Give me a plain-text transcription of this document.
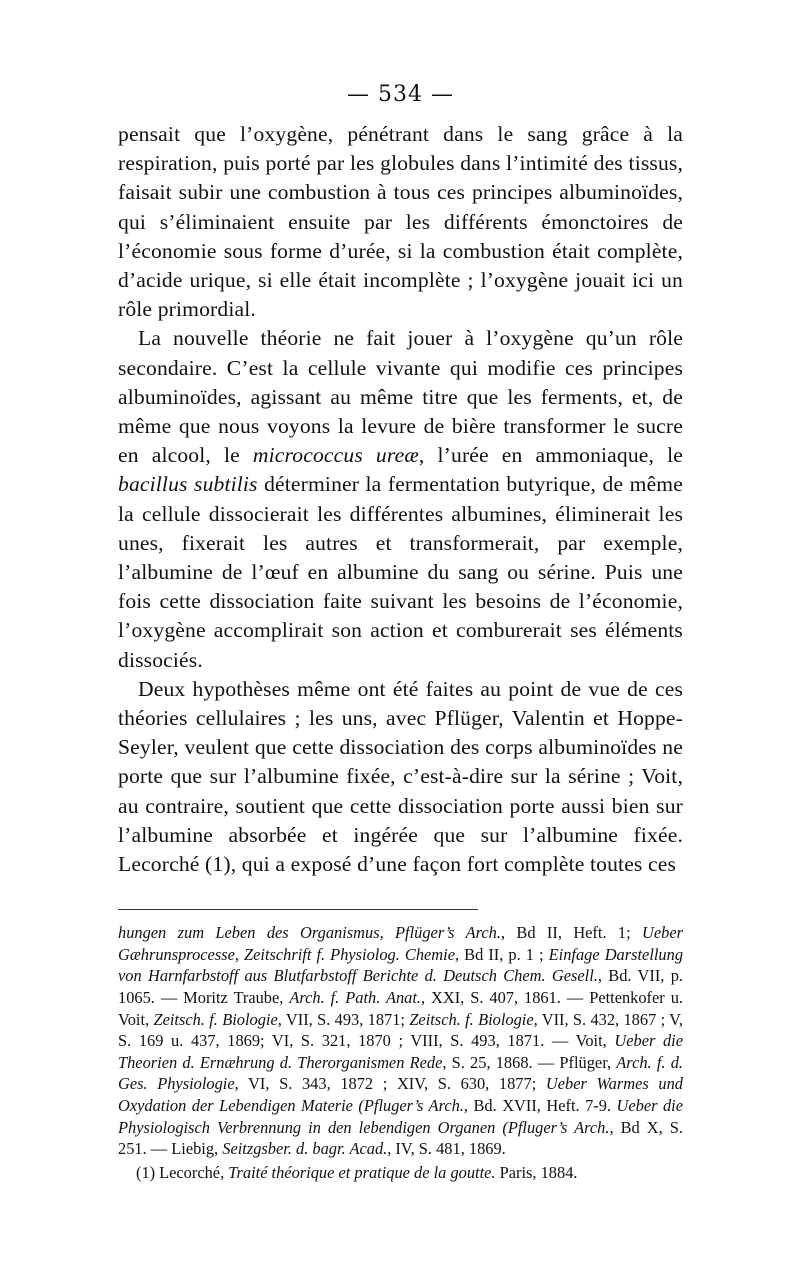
— 534 —

pensait que l’oxygène, pénétrant dans le sang grâce à la respiration, puis porté par les globules dans l’intimité des tissus, faisait subir une combustion à tous ces principes albuminoïdes, qui s’éliminaient ensuite par les différents émonctoires de l’économie sous forme d’urée, si la combustion était complète, d’acide urique, si elle était incomplète ; l’oxygène jouait ici un rôle primordial.

La nouvelle théorie ne fait jouer à l’oxygène qu’un rôle secondaire. C’est la cellule vivante qui modifie ces principes albuminoïdes, agissant au même titre que les ferments, et, de même que nous voyons la levure de bière transformer le sucre en alcool, le micrococcus ureæ, l’urée en ammoniaque, le bacillus subtilis déterminer la fermentation butyrique, de même la cellule dissocierait les différentes albumines, éliminerait les unes, fixerait les autres et transformerait, par exemple, l’albumine de l’œuf en albumine du sang ou sérine. Puis une fois cette dissociation faite suivant les besoins de l’économie, l’oxygène accomplirait son action et comburerait ses éléments dissociés.

Deux hypothèses même ont été faites au point de vue de ces théories cellulaires ; les uns, avec Pflüger, Valentin et Hoppe-Seyler, veulent que cette dissociation des corps albuminoïdes ne porte que sur l’albumine fixée, c’est-à-dire sur la sérine ; Voit, au contraire, soutient que cette dissociation porte aussi bien sur l’albumine absorbée et ingérée que sur l’albumine fixée. Lecorché (1), qui a exposé d’une façon fort complète toutes ces

hungen zum Leben des Organismus, Pflüger’s Arch., Bd II, Heft. 1; Ueber Gæhrunsprocesse, Zeitschrift f. Physiolog. Chemie, Bd II, p. 1 ; Einfage Darstellung von Harnfarbstoff aus Blutfarbstoff Berichte d. Deutsch Chem. Gesell., Bd. VII, p. 1065. — Moritz Traube, Arch. f. Path. Anat., XXI, S. 407, 1861. — Pettenkofer u. Voit, Zeitsch. f. Biologie, VII, S. 493, 1871; Zeitsch. f. Biologie, VII, S. 432, 1867 ; V, S. 169 u. 437, 1869; VI, S. 321, 1870 ; VIII, S. 493, 1871. — Voit, Ueber die Theorien d. Ernæhrung d. Therorganismen Rede, S. 25, 1868. — Pflüger, Arch. f. d. Ges. Physiologie, VI, S. 343, 1872 ; XIV, S. 630, 1877; Ueber Warmes und Oxydation der Lebendigen Materie (Pfluger’s Arch., Bd. XVII, Heft. 7-9. Ueber die Physiologisch Verbrennung in den lebendigen Organen (Pfluger’s Arch., Bd X, S. 251. — Liebig, Seitzgsber. d. bagr. Acad., IV, S. 481, 1869.

(1) Lecorché, Traité théorique et pratique de la goutte. Paris, 1884.
